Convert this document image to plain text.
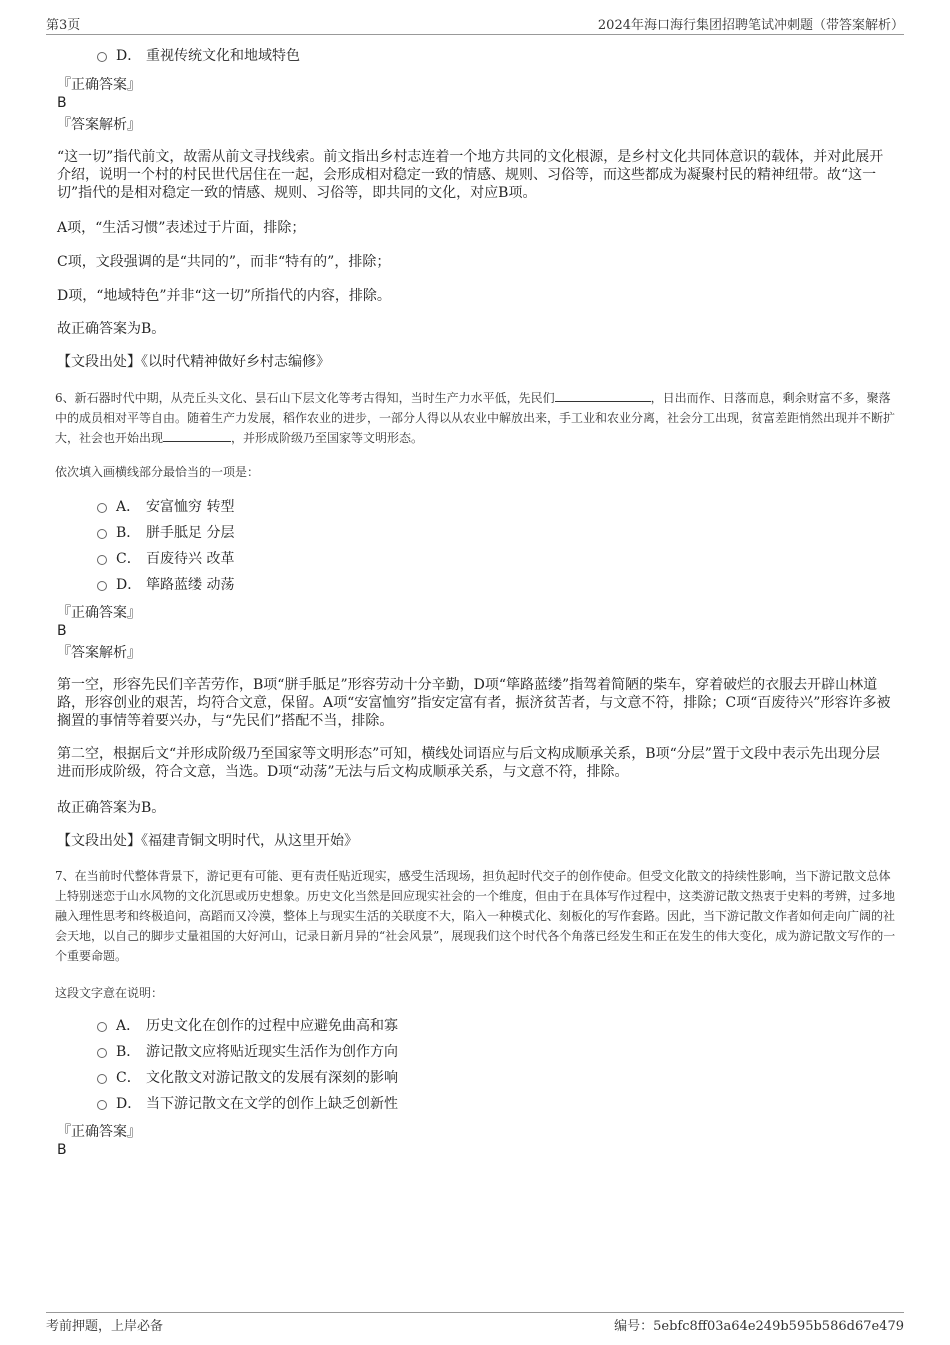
第3页	2024年海口海行集团招聘笔试冲刺题（带答案解析）
D． 重视传统文化和地域特色
『正确答案』
B
『答案解析』
“这一切”指代前文，故需从前文寻找线索。前文指出乡村志连着一个地方共同的文化根源，是乡村文化共同体意识的载体，并对此展开介绍，说明一个村的村民世代居住在一起，会形成相对稳定一致的情感、规则、习俗等，而这些都成为凝聚村民的精神纽带。故“这一切”指代的是相对稳定一致的情感、规则、习俗等，即共同的文化，对应B项。
A项，“生活习惯”表述过于片面，排除；
C项，文段强调的是“共同的”，而非“特有的”，排除；
D项，“地域特色”并非“这一切”所指代的内容，排除。
故正确答案为B。
【文段出处】《以时代精神做好乡村志编修》
6、新石器时代中期，从壳丘头文化、昙石山下层文化等考古得知，当时生产力水平低，先民们	，日出而作、日落而息，剩余财富不多，聚落中的成员相对平等自由。随着生产力发展，稻作农业的进步，一部分人得以从农业中解放出来，手工业和农业分离，社会分工出现，贫富差距悄然出现并不断扩大，社会也开始出现	，并形成阶级乃至国家等文明形态。
依次填入画横线部分最恰当的一项是：
A． 安富恤穷 转型
B． 胼手胝足 分层
C． 百废待兴 改革
D． 筚路蓝缕 动荡
『正确答案』
B
『答案解析』
第一空，形容先民们辛苦劳作，B项“胼手胝足”形容劳动十分辛勤，D项“筚路蓝缕”指驾着简陋的柴车，穿着破烂的衣服去开辟山林道路，形容创业的艰苦，均符合文意，保留。A项“安富恤穷”指安定富有者，振济贫苦者，与文意不符，排除；C项“百废待兴”形容许多被搁置的事情等着要兴办，与“先民们”搭配不当，排除。
第二空，根据后文“并形成阶级乃至国家等文明形态”可知，横线处词语应与后文构成顺承关系，B项“分层”置于文段中表示先出现分层进而形成阶级，符合文意，当选。D项“动荡”无法与后文构成顺承关系，与文意不符，排除。
故正确答案为B。
【文段出处】《福建青铜文明时代，从这里开始》
7、在当前时代整体背景下，游记更有可能、更有责任贴近现实，感受生活现场，担负起时代交子的创作使命。但受文化散文的持续性影响，当下游记散文总体上特别迷恋于山水风物的文化沉思或历史想象。历史文化当然是回应现实社会的一个维度，但由于在具体写作过程中，这类游记散文热衷于史料的考辨，过多地融入理性思考和终极追问，高蹈而又冷漠，整体上与现实生活的关联度不大，陷入一种模式化、刻板化的写作套路。因此，当下游记散文作者如何走向广阔的社会天地，以自己的脚步丈量祖国的大好河山，记录日新月异的“社会风景”，展现我们这个时代各个角落已经发生和正在发生的伟大变化，成为游记散文写作的一个重要命题。
这段文字意在说明：
A． 历史文化在创作的过程中应避免曲高和寡
B． 游记散文应将贴近现实生活作为创作方向
C． 文化散文对游记散文的发展有深刻的影响
D． 当下游记散文在文学的创作上缺乏创新性
『正确答案』
B
考前押题，上岸必备	编号：5ebfc8ff03a64e249b595b586d67e479
